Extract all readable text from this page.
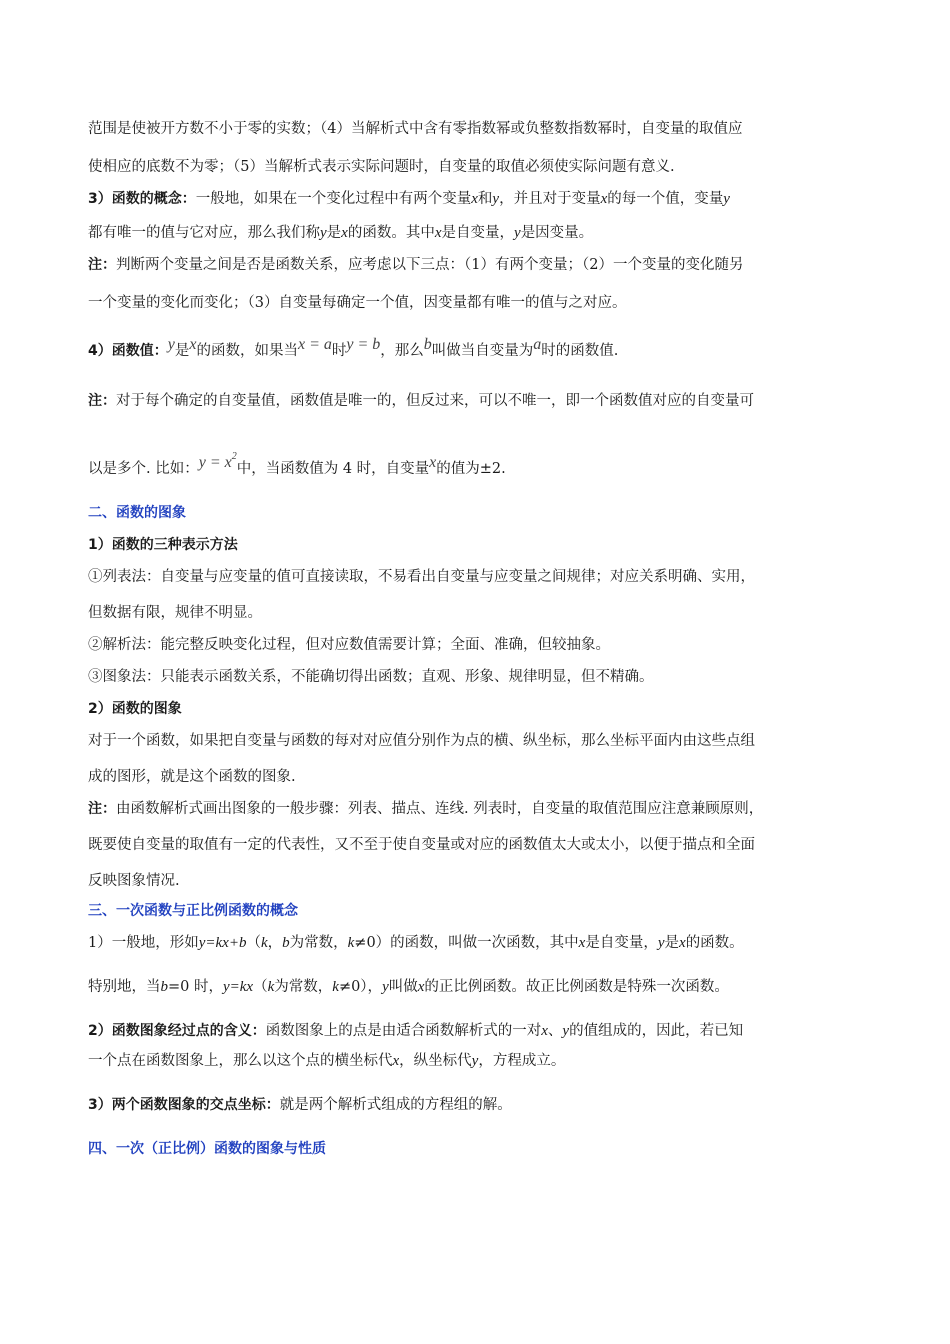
范围是使被开方数不小于零的实数；（4）当解析式中含有零指数幂或负整数指数幂时，自变量的取值应

使相应的底数不为零；（5）当解析式表示实际问题时，自变量的取值必须使实际问题有意义.

3）函数的概念：一般地，如果在一个变化过程中有两个变量x和y，并且对于变量x的每一个值，变量y

都有唯一的值与它对应，那么我们称y是x的函数。其中x是自变量，y是因变量。

注：判断两个变量之间是否是函数关系，应考虑以下三点：（1）有两个变量；（2）一个变量的变化随另

一个变量的变化而变化；（3）自变量每确定一个值，因变量都有唯一的值与之对应。

4）函数值：y是x的函数，如果当x = a时y = b，那么b叫做当自变量为a时的函数值.

注：对于每个确定的自变量值，函数值是唯一的，但反过来，可以不唯一，即一个函数值对应的自变量可

以是多个. 比如：$y = x^2$中，当函数值为 4 时，自变量x的值为±2.

二、函数的图象

1）函数的三种表示方法

①列表法：自变量与应变量的值可直接读取，不易看出自变量与应变量之间规律；对应关系明确、实用，

但数据有限，规律不明显。

②解析法：能完整反映变化过程，但对应数值需要计算；全面、准确，但较抽象。

③图象法：只能表示函数关系，不能确切得出函数；直观、形象、规律明显，但不精确。

2）函数的图象

对于一个函数，如果把自变量与函数的每对对应值分别作为点的横、纵坐标，那么坐标平面内由这些点组

成的图形，就是这个函数的图象.

注：由函数解析式画出图象的一般步骤：列表、描点、连线. 列表时，自变量的取值范围应注意兼顾原则，

既要使自变量的取值有一定的代表性，又不至于使自变量或对应的函数值太大或太小，以便于描点和全面

反映图象情况.

三、一次函数与正比例函数的概念

1）一般地，形如y=kx+b（k，b为常数，k≠0）的函数，叫做一次函数，其中x是自变量，y是x的函数。

特别地，当b=0 时，y=kx（k为常数，k≠0），y叫做x的正比例函数。故正比例函数是特殊一次函数。

2）函数图象经过点的含义：函数图象上的点是由适合函数解析式的一对x、y的值组成的，因此，若已知

一个点在函数图象上，那么以这个点的横坐标代x，纵坐标代y，方程成立。

3）两个函数图象的交点坐标：就是两个解析式组成的方程组的解。

四、一次（正比例）函数的图象与性质
